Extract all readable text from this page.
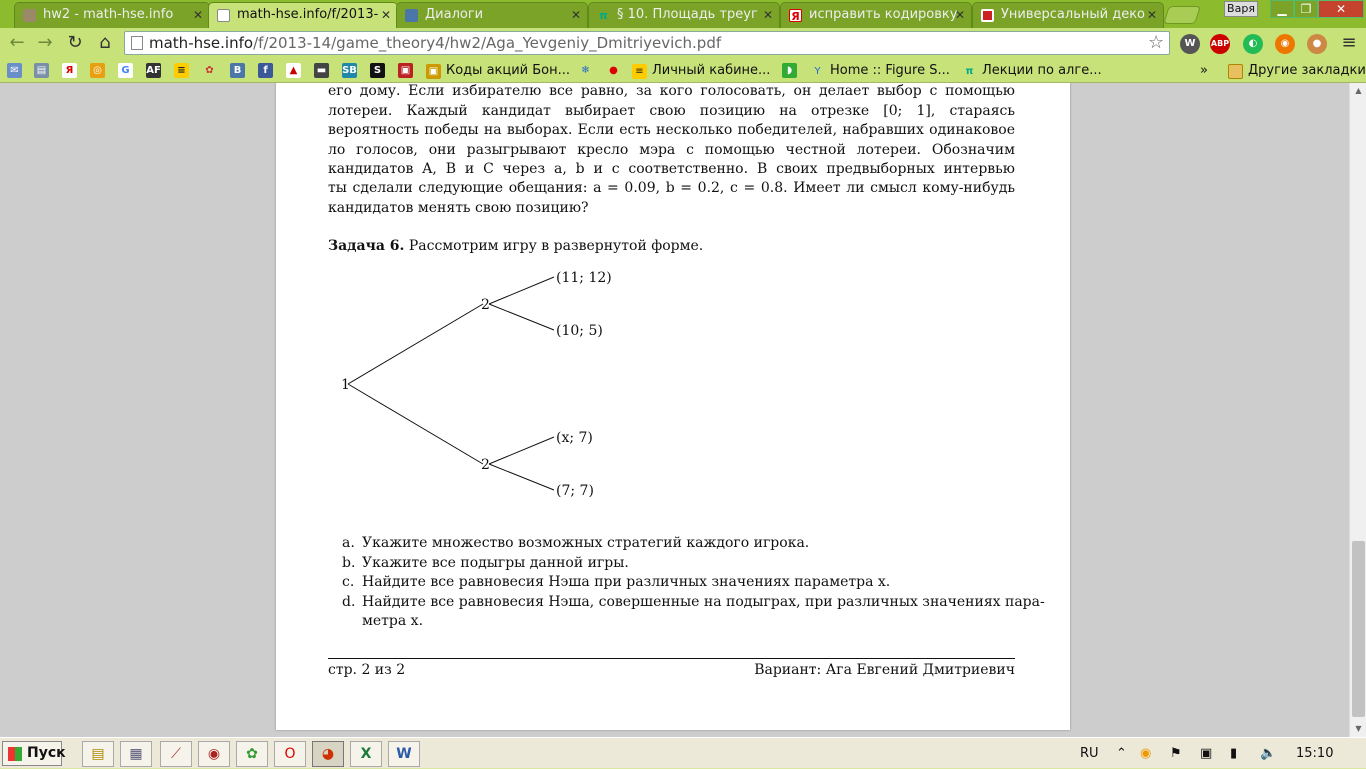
hw2 - math-hse.info ✕	math-hse.info/f/2013- ✕	Диалоги	✕ π § 10. Площадь треуг ✕ Я исправить кодировку
✕	Универсальный деко ✕	Варя	▁	❐	✕
← → ↻ ⌂	math-hse.info/f/2013-14/game_theory4/hw2/Aga_Yevgeniy_Dmitriyevich.pdf	☆	W	ABP	◐	◉	●	≡
✉	▤	Я	◎	G	AF	≡	✿	B	f	▲	▬ SB	S	▣ ▣ Коды акций Бон...	❄	●	≡ Личный кабине...	◗	Y Home :: Figure S...	π Лекции по алге...	»	Другие закладки
его дому. Если избирателю все равно, за кого голосовать, он делает выбор с помощью
лотереи. Каждый кандидат выбирает свою позицию на отрезке [0; 1], стараясь
вероятность победы на выборах. Если есть несколько победителей, набравших одинаковое
ло голосов, они разыгрывают кресло мэра с помощью честной лотереи. Обозначим
кандидатов A, B и C через a, b и c соответственно. В своих предвыборных интервью
ты сделали следующие обещания: a = 0.09, b = 0.2, c = 0.8. Имеет ли смысл кому-нибудь
кандидатов менять свою позицию?
Задача 6. Рассмотрим игру в развернутой форме.
1
2
2
(11; 12)
(10; 5)
(x; 7)
(7; 7)
a. Укажите множество возможных стратегий каждого игрока.
b. Укажите все подыгры данной игры.
c. Найдите все равновесия Нэша при различных значениях параметра x.
d. Найдите все равновесия Нэша, совершенные на подыграх, при различных значениях пара-
метра x.
стр. 2 из 2	Вариант: Ага Евгений Дмитриевич
▲
▼
Пуск	▤	▦	⟋	◉	✿	O	◕	X	W	RU ⌃ ◉ ⚑ ▣ ▮ 🔈 15:10
